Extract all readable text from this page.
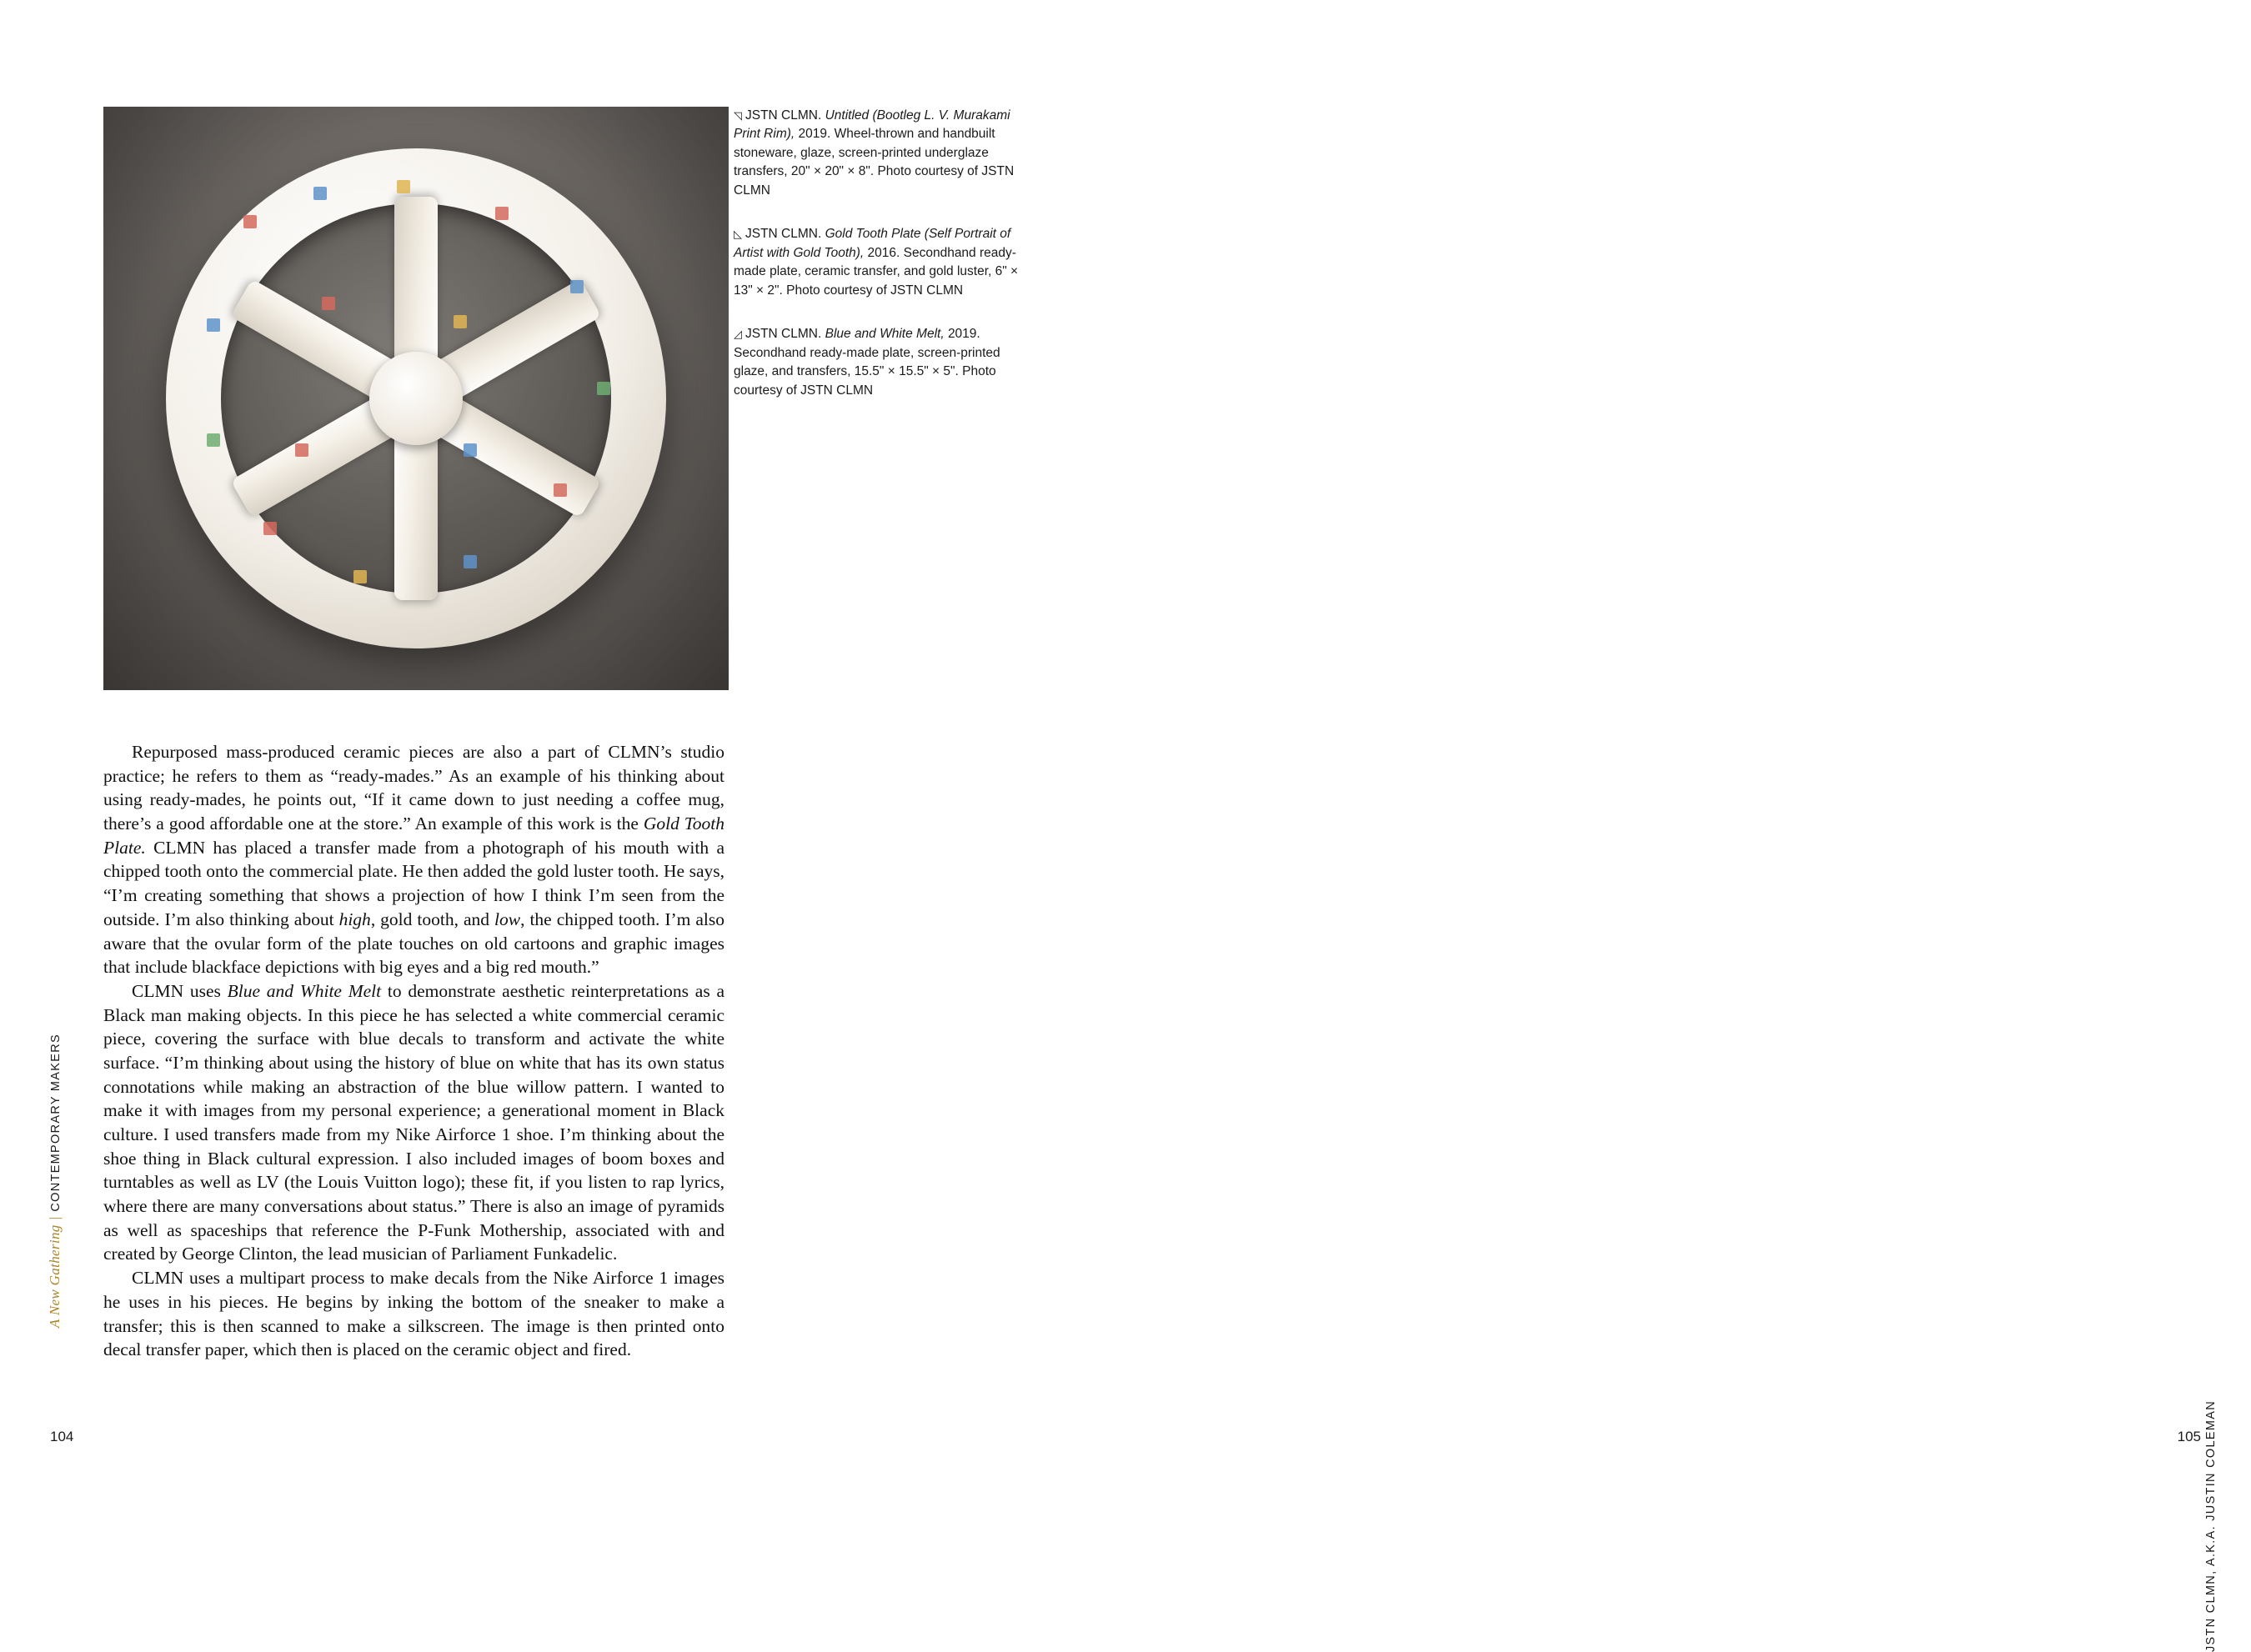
◹ JSTN CLMN. Untitled (Bootleg L. V. Murakami Print Rim), 2019. Wheel-thrown and handbuilt stoneware, glaze, screen-printed underglaze transfers, 20" × 20" × 8". Photo courtesy of JSTN CLMN
◺ JSTN CLMN. Gold Tooth Plate (Self Portrait of Artist with Gold Tooth), 2016. Secondhand ready-made plate, ceramic transfer, and gold luster, 6" × 13" × 2". Photo courtesy of JSTN CLMN
◿ JSTN CLMN. Blue and White Melt, 2019. Secondhand ready-made plate, screen-printed glaze, and transfers, 15.5" × 15.5" × 5". Photo courtesy of JSTN CLMN

Repurposed mass-produced ceramic pieces are also a part of CLMN’s studio practice; he refers to them as “ready-mades.” As an example of his thinking about using ready-mades, he points out, “If it came down to just needing a coffee mug, there’s a good affordable one at the store.” An example of this work is the Gold Tooth Plate. CLMN has placed a transfer made from a photograph of his mouth with a chipped tooth onto the commercial plate. He then added the gold luster tooth. He says, “I’m creating something that shows a projection of how I think I’m seen from the outside. I’m also thinking about high, gold tooth, and low, the chipped tooth. I’m also aware that the ovular form of the plate touches on old cartoons and graphic images that include blackface depictions with big eyes and a big red mouth.”

CLMN uses Blue and White Melt to demonstrate aesthetic reinterpretations as a Black man making objects. In this piece he has selected a white commercial ceramic piece, covering the surface with blue decals to transform and activate the white surface. “I’m thinking about using the history of blue on white that has its own status connotations while making an abstraction of the blue willow pattern. I wanted to make it with images from my personal experience; a generational moment in Black culture. I used transfers made from my Nike Airforce 1 shoe. I’m thinking about the shoe thing in Black cultural expression. I also included images of boom boxes and turntables as well as LV (the Louis Vuitton logo); these fit, if you listen to rap lyrics, where there are many conversations about status.” There is also an image of pyramids as well as spaceships that reference the P-Funk Mothership, associated with and created by George Clinton, the lead musician of Parliament Funkadelic.

CLMN uses a multipart process to make decals from the Nike Airforce 1 images he uses in his pieces. He begins by inking the bottom of the sneaker to make a transfer; this is then scanned to make a silkscreen. The image is then printed onto decal transfer paper, which then is placed on the ceramic object and fired.

A New Gathering|CONTEMPORARY MAKERS
104	JSTN CLMN, A.K.A. JUSTIN COLEMAN
105
